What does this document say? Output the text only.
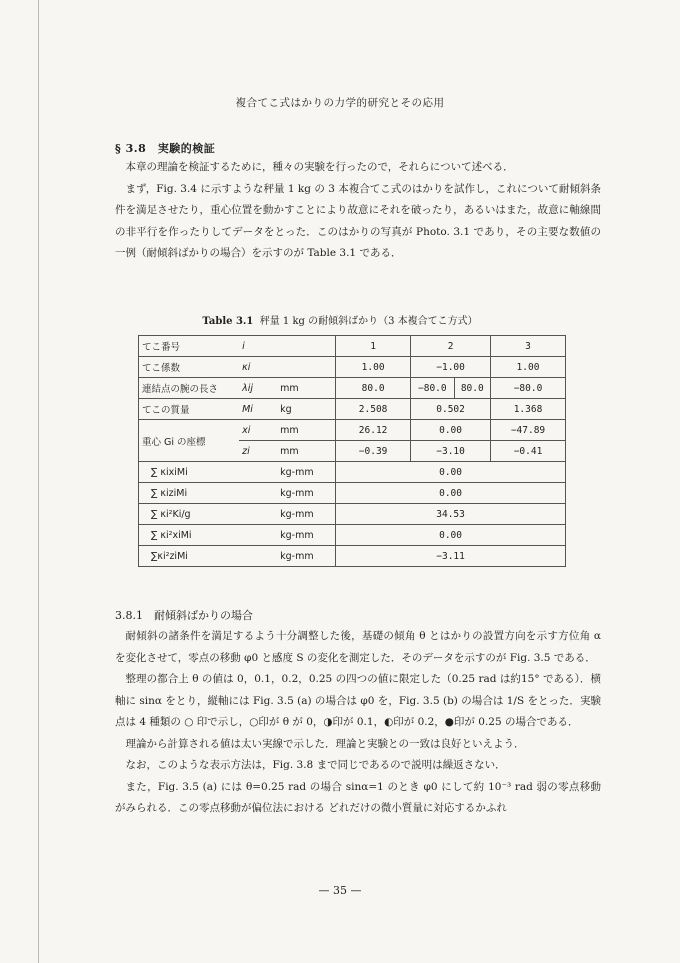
複合てこ式はかりの力学的研究とその応用
§ 3.8　実験的検証
本章の理論を検証するために，種々の実験を行ったので，それらについて述べる．
まず，Fig. 3.4 に示すような秤量 1 kg の 3 本複合てこ式のはかりを試作し，これについて耐傾斜条件を満足させたり，重心位置を動かすことにより故意にそれを破ったり，あるいはまた，故意に軸線間の非平行を作ったりしてデータをとった．このはかりの写真が Photo. 3.1 であり，その主要な数値の一例（耐傾斜ばかりの場合）を示すのが Table 3.1 である．
Table 3.1 秤量 1 kg の耐傾斜ばかり（3 本複合てこ方式）
てこ番号	i		1	2		3
てこ係数	κi		1.00	−1.00		1.00
連結点の腕の長さ	λij	mm	80.0	−80.0	80.0	−80.0
てこの質量	Mi	kg	2.508	0.502		1.368
重心 Gi の座標	xi	mm	26.12	0.00		−47.89
	zi	mm	−0.39	−3.10		−0.41
∑ κixiMi		kg-mm	0.00			
∑ κiziMi		kg-mm	0.00			
∑ κi²Ki/g		kg-mm	34.53			
∑ κi²xiMi		kg-mm	0.00			
∑κi²ziMi		kg-mm	−3.11			
3.8.1　耐傾斜ばかりの場合
耐傾斜の諸条件を満足するよう十分調整した後，基礎の傾角 θ とはかりの設置方向を示す方位角 α を変化させて，零点の移動 φ0 と感度 S の変化を測定した．そのデータを示すのが Fig. 3.5 である．
整理の都合上 θ の値は 0，0.1，0.2，0.25 の四つの値に限定した（0.25 rad は約15° である）．横軸に sinα をとり，縦軸には Fig. 3.5 (a) の場合は φ0 を，Fig. 3.5 (b) の場合は 1/S をとった．実験点は 4 種類の ○ 印で示し，○印が θ が 0，◑印が 0.1，◐印が 0.2，●印が 0.25 の場合である．
理論から計算される値は太い実線で示した．理論と実験との一致は良好といえよう．
なお，このような表示方法は，Fig. 3.8 まで同じであるので説明は繰返さない．
また，Fig. 3.5 (a) には θ=0.25 rad の場合 sinα=1 のとき φ0 にして約 10⁻³ rad 弱の零点移動がみられる．この零点移動が偏位法における どれだけの微小質量に対応するかふれ
— 35 —
